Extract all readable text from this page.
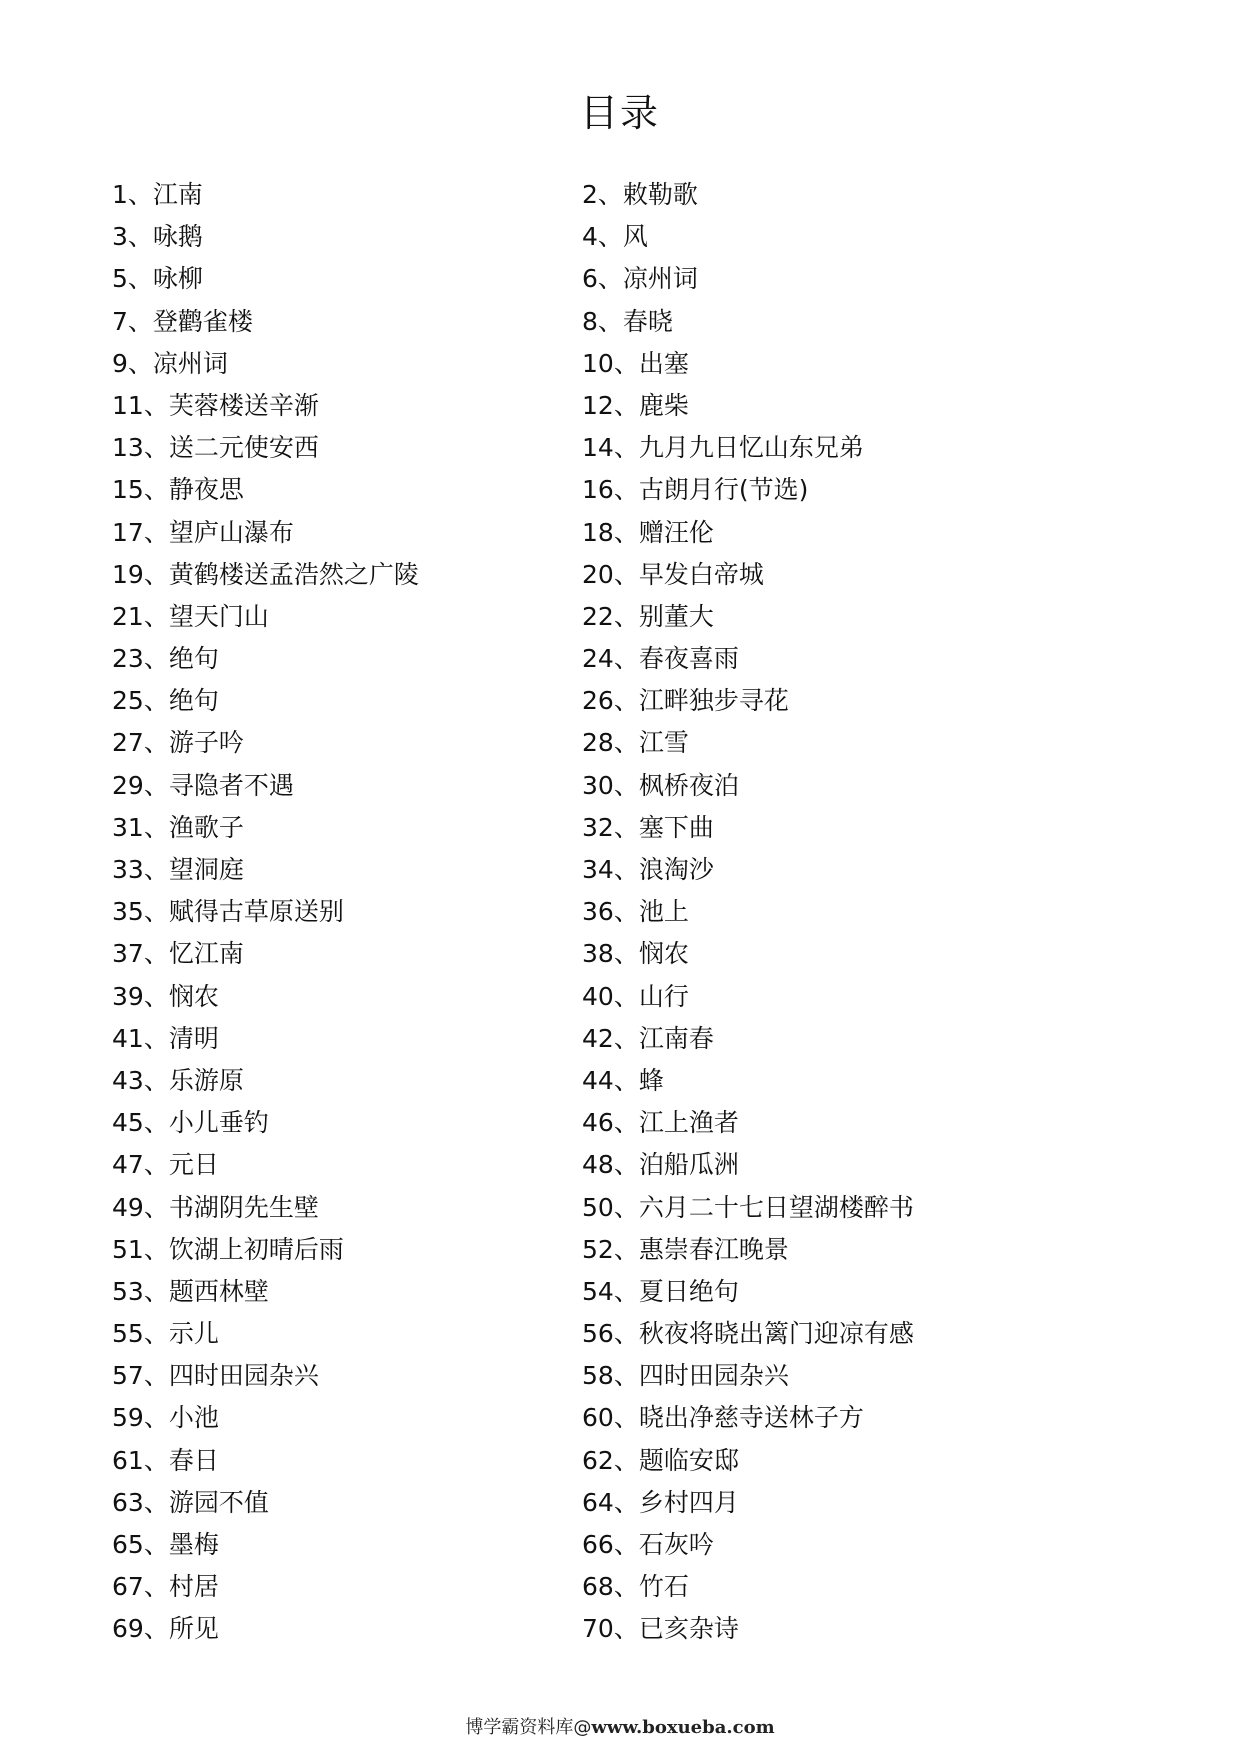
目录
1、江南	2、敕勒歌
3、咏鹅	4、风
5、咏柳	6、凉州词
7、登鹳雀楼	8、春晓
9、凉州词	10、出塞
11、芙蓉楼送辛渐	12、鹿柴
13、送二元使安西	14、九月九日忆山东兄弟
15、静夜思	16、古朗月行(节选)
17、望庐山瀑布	18、赠汪伦
19、黄鹤楼送孟浩然之广陵	20、早发白帝城
21、望天门山	22、别董大
23、绝句	24、春夜喜雨
25、绝句	26、江畔独步寻花
27、游子吟	28、江雪
29、寻隐者不遇	30、枫桥夜泊
31、渔歌子	32、塞下曲
33、望洞庭	34、浪淘沙
35、赋得古草原送别	36、池上
37、忆江南	38、悯农
39、悯农	40、山行
41、清明	42、江南春
43、乐游原	44、蜂
45、小儿垂钓	46、江上渔者
47、元日	48、泊船瓜洲
49、书湖阴先生壁	50、六月二十七日望湖楼醉书
51、饮湖上初晴后雨	52、惠崇春江晚景
53、题西林壁	54、夏日绝句
55、示儿	56、秋夜将晓出篱门迎凉有感
57、四时田园杂兴	58、四时田园杂兴
59、小池	60、晓出净慈寺送林子方
61、春日	62、题临安邸
63、游园不值	64、乡村四月
65、墨梅	66、石灰吟
67、村居	68、竹石
69、所见	70、已亥杂诗
博学霸资料库@www.boxueba.com
